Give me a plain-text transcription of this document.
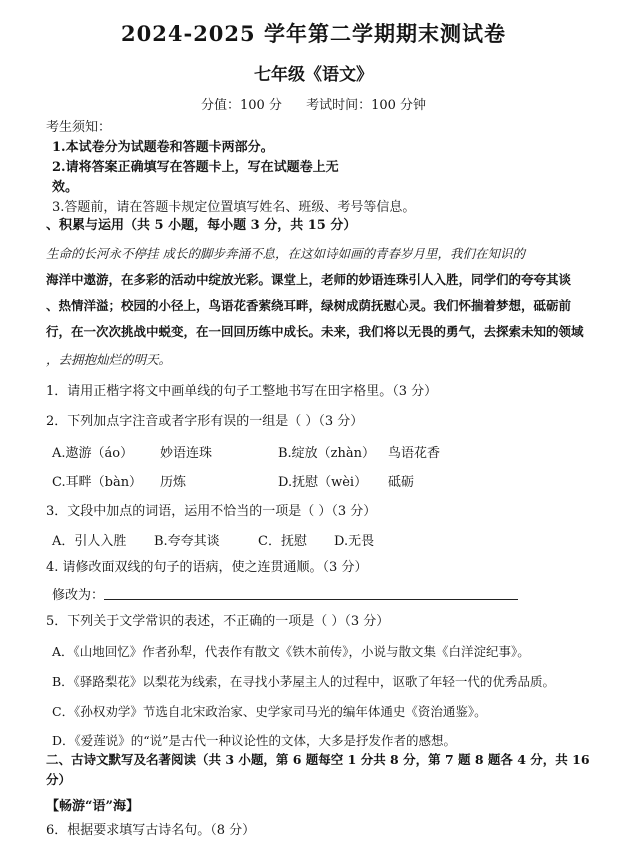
2024-2025 学年第二学期期末测试卷
七年级《语文》
分值：100 分 考试时间：100 分钟
考生须知：
1.本试卷分为试题卷和答题卡两部分。
2.请将答案正确填写在答题卡上，写在试题卷上无
效。
3.答题前，请在答题卡规定位置填写姓名、班级、考号等信息。
、积累与运用（共 5 小题，每小题 3 分，共 15 分）
生命的长河永不停挂 成长的脚步奔涌不息，在这如诗如画的青春岁月里，我们在知识的
海洋中遨游，在多彩的活动中绽放光彩。课堂上，老师的妙语连珠引人入胜，同学们的夸夸其谈
、热情洋溢；校园的小径上，鸟语花香萦绕耳畔，绿树成荫抚慰心灵。我们怀揣着梦想，砥砺前
行，在一次次挑战中蜕变，在一回回历练中成长。未来，我们将以无畏的勇气，去探索未知的领域
，去拥抱灿烂的明天。
1．请用正楷字将文中画单线的句子工整地书写在田字格里。（3 分）
2．下列加点字注音或者字形有误的一组是（ ）（3 分）
A.遨游（áo） 妙语连珠	B.绽放（zhàn） 鸟语花香
C.耳畔（bàn） 历炼	D.抚慰（wèi） 砥砺
3．文段中加点的词语，运用不恰当的一项是（ ）（3 分）
A．引人入胜 B.夸夸其谈	C．抚慰 D.无畏
4. 请修改面双线的句子的语病，使之连贯通顺。（3 分）
修改为：
5．下列关于文学常识的表述，不正确的一项是（ ）（3 分）
A．《山地回忆》作者孙犁，代表作有散文《铁木前传》，小说与散文集《白洋淀纪事》。
B．《驿路梨花》以梨花为线索，在寻找小茅屋主人的过程中，讴歌了年轻一代的优秀品质。
C．《孙权劝学》节选自北宋政治家、史学家司马光的编年体通史《资治通鉴》。
D．《爱莲说》的“说”是古代一种议论性的文体，大多是抒发作者的感想。
二、古诗文默写及名著阅读（共 3 小题，第 6 题每空 1 分共 8 分，第 7 题 8 题各 4 分，共 16
分）
【畅游“语”海】
6．根据要求填写古诗名句。（8 分）
